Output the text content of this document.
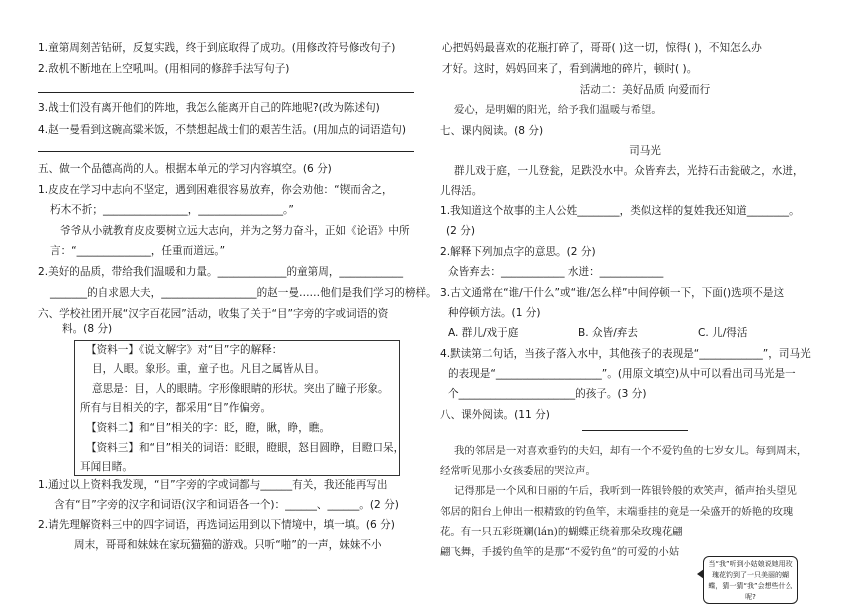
1.童第周刻苦钻研，反复实践，终于到底取得了成功。(用修改符号修改句子)
2.敌机不断地在上空吼叫。(用相同的修辞手法写句子)
3.战士们没有离开他们的阵地，我怎么能离开自己的阵地呢?(改为陈述句)
4.赵一曼看到这碗高粱米饭，不禁想起战士们的艰苦生活。(用加点的词语造句)
五、做一个品德高尚的人。根据本单元的学习内容填空。(6 分)
1.皮皮在学习中志向不坚定，遇到困难很容易放弃，你会劝他：“锲而舍之，
朽木不折；________________，________________。”
爷爷从小就教育皮皮要树立远大志向，并为之努力奋斗，正如《论语》中所
言：“______________，任重而道远。”
2.美好的品质，带给我们温暖和力量。_____________的童第周，____________
_______的自求恩大夫，__________________的赵一曼……他们是我们学习的榜样。
六、学校社团开展“汉字百花园”活动，收集了关于“目”字旁的字或词语的资
料。(8 分)
【资料一】《说文解字》对“目”字的解释：
目，人眼。象形。重，童子也。凡目之属皆从目。
意思是：目，人的眼睛。字形像眼睛的形状。突出了瞳子形象。
所有与目相关的字，都采用“目”作偏旁。
【资料二】和“目”相关的字：眨，瞪，瞅，睁，瞧。
【资料三】和“目”相关的词语：眨眼，瞪眼，怒目圆睁，目瞪口呆，
耳闻目睹。
1.通过以上资料我发现，“目”字旁的字或词都与______有关，我还能再写出
含有“目”字旁的汉字和词语(汉字和词语各一个)：______、______。(2 分)
2.请先理解资料三中的四字词语，再选词运用到以下情境中，填一填。(6 分)
周末，哥哥和妹妹在家玩猫猫的游戏。只听“啪”的一声，妹妹不小
心把妈妈最喜欢的花瓶打碎了，哥哥( )这一切，惊得( )，不知怎么办
才好。这时，妈妈回来了，看到满地的碎片，顿时( )。
活动二：美好品质 向爱而行
爱心，是明媚的阳光，给予我们温暖与希望。
七、课内阅读。(8 分)
司马光
群儿戏于庭，一儿登瓮，足跌没水中。众皆弃去，光持石击瓮破之，水迸，
儿得活。
1.我知道这个故事的主人公姓________，类似这样的复姓我还知道________。
(2 分)
2.解释下列加点字的意思。(2 分)
众皆弃去：____________ 水迸：____________
3.古文通常在“谁/干什么”或“谁/怎么样”中间停顿一下，下面()选项不是这
种停顿方法。(1 分)
A. 群儿/戏于庭	B. 众皆/弃去	C. 儿/得活
4.默读第二句话，当孩子落入水中，其他孩子的表现是“____________”，司马光
的表现是“____________________”。(用原文填空)从中可以看出司马光是一
个______________________的孩子。(3 分)
八、课外阅读。(11 分)
我的邻居是一对喜欢垂钓的夫妇，却有一个不爱钓鱼的七岁女儿。每到周末，
经常听见那小女孩委屈的哭泣声。
记得那是一个风和日丽的午后，我听到一阵银铃般的欢笑声，循声抬头望见
邻居的阳台上伸出一根精致的钓鱼竿，末端垂挂的竟是一朵盛开的娇艳的玫瑰
花。有一只五彩斑斓(lán)的蝴蝶正绕着那朵玫瑰花翩
翩飞舞，手援钓鱼竿的是那“不爱钓鱼”的可爱的小姑
当“我”听到小姑娘说她用玫瑰花钓到了一只美丽的蝴蝶，猜一猜“我”会想些什么呢?
